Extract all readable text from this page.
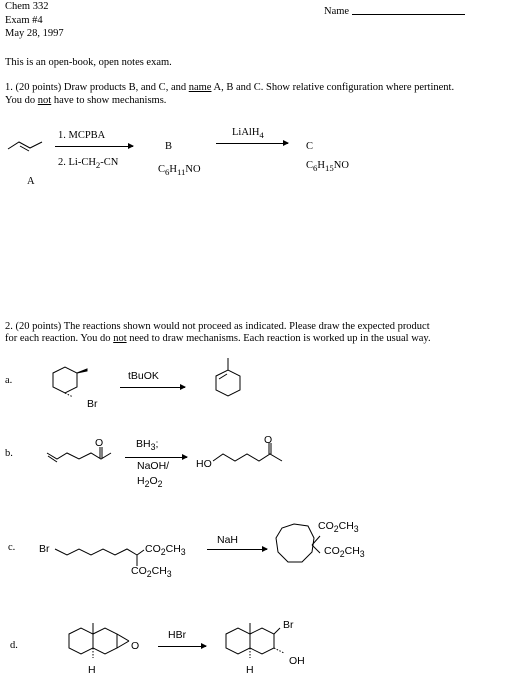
Chem 332
Exam #4
May 28, 1997
Name
This is an open-book, open notes exam.
1. (20 points) Draw products B, and C, and name A, B and C. Show relative configuration where pertinent.
You do not have to show mechanisms.
A
1. MCPBA
2. $Li-CH_2-CN$
B
$C_6H_{11}NO$
LiAlH$_4$
C
$C_6H_{15}NO$
2. (20 points) The reactions shown would not proceed as indicated. Please draw the expected product
for each reaction. You do not need to draw mechanisms. Each reaction is worked up in the usual way.
a.
Br
tBuOK
b.
O	$BH_3$;
NaOH/
$H_2O_2$
HO
O
c. Br	$CO_2CH_3$
$CO_2CH_3$
NaH
$CO_2CH_3$
$CO_2CH_3$
d.	O
H
HBr
Br
OH
H
